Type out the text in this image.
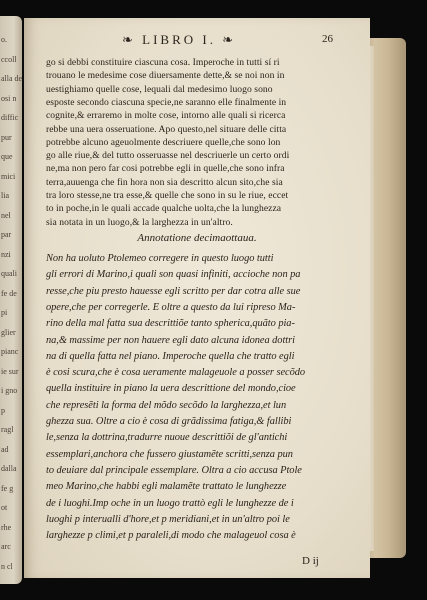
o.
ccoll
alla de
osi n
diffic
pur
que
mici
lia
nel
par
nzi
quali
fe de
pi
glier
pianc
ie sur
i gno
p
ragl
ad
dalla
fe g
ot
rhe
arc
n cl
❧ LIBRO I. ❧	26
go si debbi constituire ciascuna cosa. Imperoche in tutti sí ri
trouano le medesime cose diuersamente dette,& se noi non in
uestighiamo quelle cose, lequali dal medesimo luogo sono
esposte secondo ciascuna specie,ne saranno elle finalmente in
cognite,& erraremo in molte cose, intorno alle quali si ricerca
rebbe una uera osseruatione. Apo questo,nel situare delle citta
potrebbe alcuno ageuolmente descriuere quelle,che sono lon
go alle riue,& del tutto osseruasse nel descriuerle un certo ordi
ne,ma non pero far cosi potrebbe egli in quelle,che sono infra
terra,auuenga che fin hora non sia descritto alcun sito,che sia
tra loro stesse,ne tra esse,& quelle che sono in su le riue, eccet
to in poche,in le quali accade qualche uolta,che la lunghezza
sia notata in un luogo,& la larghezza in un'altro.
Annotatione decimaottaua.
Non ha uoluto Ptolemeo corregere in questo luogo tutti
gli errori di Marino,i quali son quasi infiniti, accioche non pa
resse,che piu presto hauesse egli scritto per dar cotra alle sue
opere,che per corregerle. E oltre a questo da lui ripreso Ma-
rino della mal fatta sua descrittiõe tanto spherica,quãto pia-
na,& massime per non hauere egli dato alcuna idonea dottri
na di quella fatta nel piano. Imperoche quella che tratto egli
è cosi scura,che è cosa ueramente malageuole a posser secõdo
quella instituire in piano la uera descrittione del mondo,cioe
che represẽti la forma del mõdo secõdo la larghezza,et lun
ghezza sua. Oltre a cio è cosa di grãdissima fatiga,& fallibi
le,senza la dottrina,tradurre nuoue descrittiõi de gl'antichi
essemplari,anchora che fussero giustamẽte scritti,senza pun
to deuiare dal principale essemplare. Oltra a cio accusa Ptole
meo Marino,che habbi egli malamẽte trattato le lunghezze
de i luoghi.Imp oche in un luogo trattò egli le lunghezze de i
luoghi p interualli d'hore,et p meridiani,et in un'altro poi le
larghezze p climi,et p paraleli,di modo che malageuol cosa è
D ij
